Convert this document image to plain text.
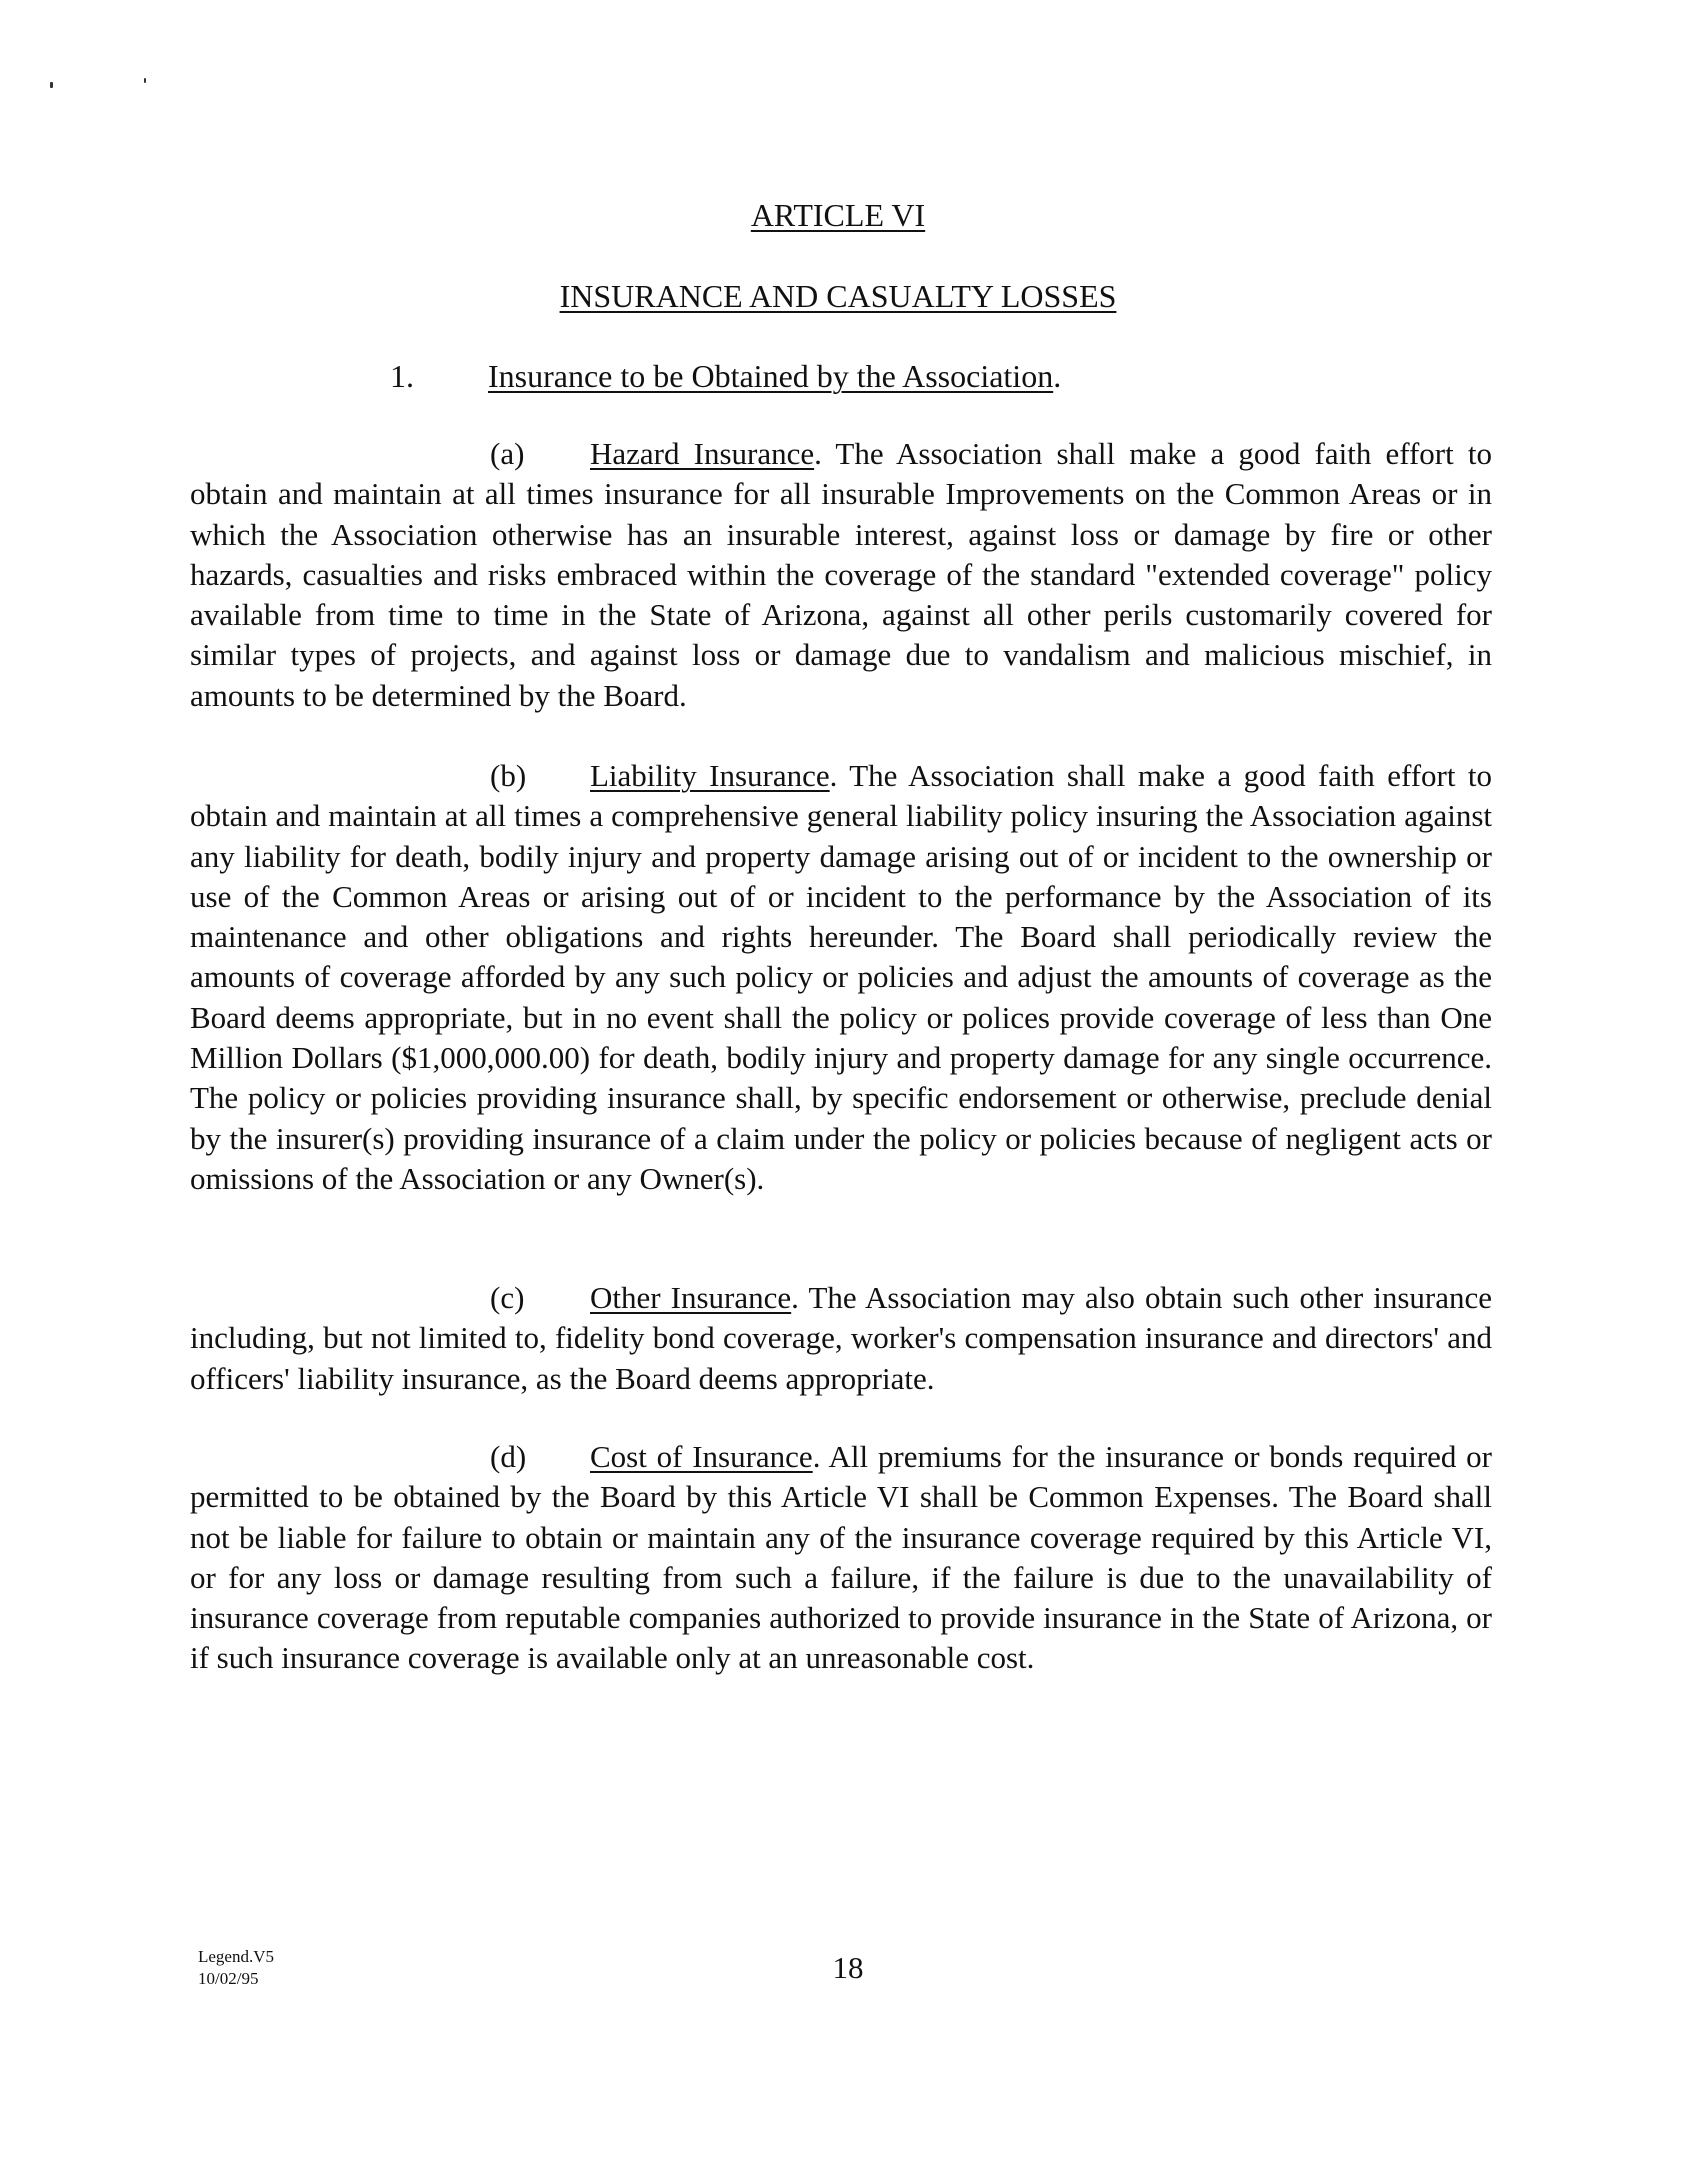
ARTICLE VI
INSURANCE AND CASUALTY LOSSES
1. Insurance to be Obtained by the Association.

(a) Hazard Insurance. The Association shall make a good faith effort to obtain and maintain at all times insurance for all insurable Improvements on the Common Areas or in which the Association otherwise has an insurable interest, against loss or damage by fire or other hazards, casualties and risks embraced within the coverage of the standard "extended coverage" policy available from time to time in the State of Arizona, against all other perils customarily covered for similar types of projects, and against loss or damage due to vandalism and malicious mischief, in amounts to be determined by the Board.

(b) Liability Insurance. The Association shall make a good faith effort to obtain and maintain at all times a comprehensive general liability policy insuring the Association against any liability for death, bodily injury and property damage arising out of or incident to the ownership or use of the Common Areas or arising out of or incident to the performance by the Association of its maintenance and other obligations and rights hereunder. The Board shall periodically review the amounts of coverage afforded by any such policy or policies and adjust the amounts of coverage as the Board deems appropriate, but in no event shall the policy or polices provide coverage of less than One Million Dollars ($1,000,000.00) for death, bodily injury and property damage for any single occurrence. The policy or policies providing insurance shall, by specific endorsement or otherwise, preclude denial by the insurer(s) providing insurance of a claim under the policy or policies because of negligent acts or omissions of the Association or any Owner(s).

(c) Other Insurance. The Association may also obtain such other insurance including, but not limited to, fidelity bond coverage, worker's compensation insurance and directors' and officers' liability insurance, as the Board deems appropriate.

(d) Cost of Insurance. All premiums for the insurance or bonds required or permitted to be obtained by the Board by this Article VI shall be Common Expenses. The Board shall not be liable for failure to obtain or maintain any of the insurance coverage required by this Article VI, or for any loss or damage resulting from such a failure, if the failure is due to the unavailability of insurance coverage from reputable companies authorized to provide insurance in the State of Arizona, or if such insurance coverage is available only at an unreasonable cost.

Legend.V5
10/02/95	18
